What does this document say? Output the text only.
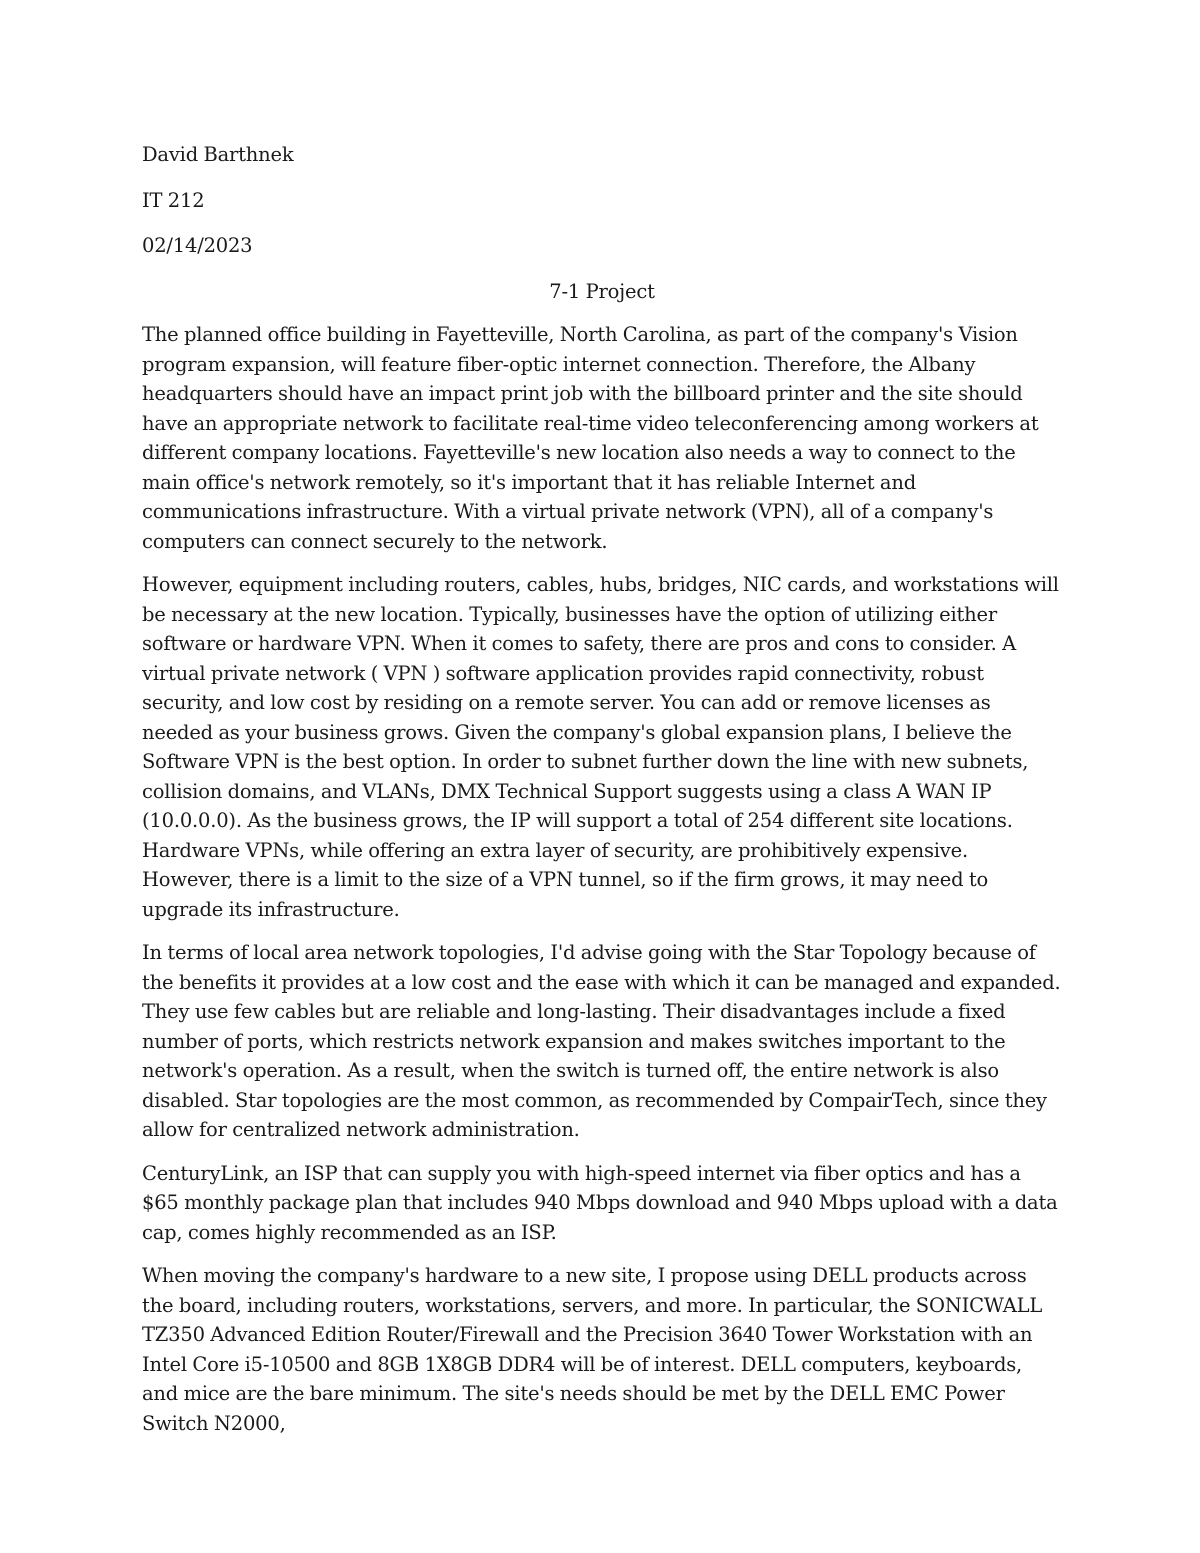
David Barthnek
IT 212
02/14/2023
7-1 Project

The planned office building in Fayetteville, North Carolina, as part of the company's Vision program expansion, will feature fiber-optic internet connection. Therefore, the Albany headquarters should have an impact print job with the billboard printer and the site should have an appropriate network to facilitate real-time video teleconferencing among workers at different company locations. Fayetteville's new location also needs a way to connect to the main office's network remotely, so it's important that it has reliable Internet and communications infrastructure. With a virtual private network (VPN), all of a company's computers can connect securely to the network.

However, equipment including routers, cables, hubs, bridges, NIC cards, and workstations will be necessary at the new location. Typically, businesses have the option of utilizing either software or hardware VPN. When it comes to safety, there are pros and cons to consider. A virtual private network ( VPN ) software application provides rapid connectivity, robust security, and low cost by residing on a remote server. You can add or remove licenses as needed as your business grows. Given the company's global expansion plans, I believe the Software VPN is the best option. In order to subnet further down the line with new subnets, collision domains, and VLANs, DMX Technical Support suggests using a class A WAN IP (10.0.0.0). As the business grows, the IP will support a total of 254 different site locations. Hardware VPNs, while offering an extra layer of security, are prohibitively expensive. However, there is a limit to the size of a VPN tunnel, so if the firm grows, it may need to upgrade its infrastructure.

In terms of local area network topologies, I'd advise going with the Star Topology because of the benefits it provides at a low cost and the ease with which it can be managed and expanded. They use few cables but are reliable and long-lasting. Their disadvantages include a fixed number of ports, which restricts network expansion and makes switches important to the network's operation. As a result, when the switch is turned off, the entire network is also disabled. Star topologies are the most common, as recommended by CompairTech, since they allow for centralized network administration.

CenturyLink, an ISP that can supply you with high-speed internet via fiber optics and has a $65 monthly package plan that includes 940 Mbps download and 940 Mbps upload with a data cap, comes highly recommended as an ISP.

When moving the company's hardware to a new site, I propose using DELL products across the board, including routers, workstations, servers, and more. In particular, the SONICWALL TZ350 Advanced Edition Router/Firewall and the Precision 3640 Tower Workstation with an Intel Core i5-10500 and 8GB 1X8GB DDR4 will be of interest. DELL computers, keyboards, and mice are the bare minimum. The site's needs should be met by the DELL EMC Power Switch N2000,
